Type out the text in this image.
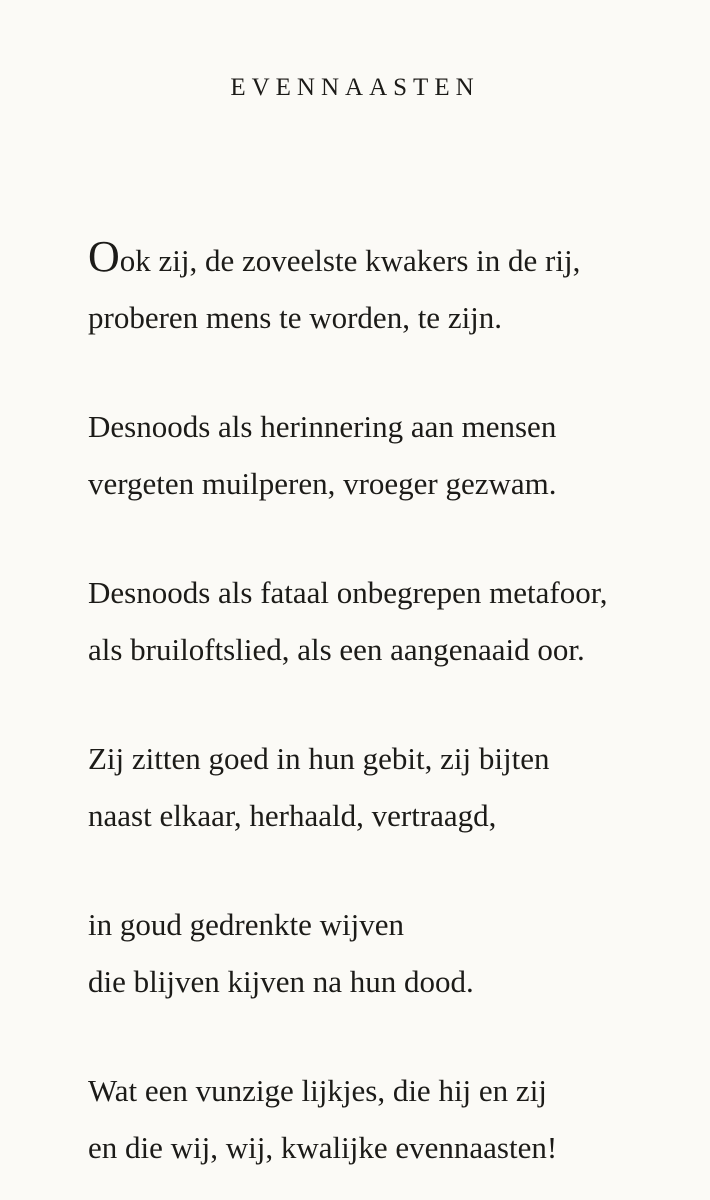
EVENNAASTEN
Ook zij, de zoveelste kwakers in de rij,
proberen mens te worden, te zijn.
Desnoods als herinnering aan mensen
vergeten muilperen, vroeger gezwam.
Desnoods als fataal onbegrepen metafoor,
als bruiloftslied, als een aangenaaid oor.
Zij zitten goed in hun gebit, zij bijten
naast elkaar, herhaald, vertraagd,
in goud gedrenkte wijven
die blijven kijven na hun dood.
Wat een vunzige lijkjes, die hij en zij
en die wij, wij, kwalijke evennaasten!
